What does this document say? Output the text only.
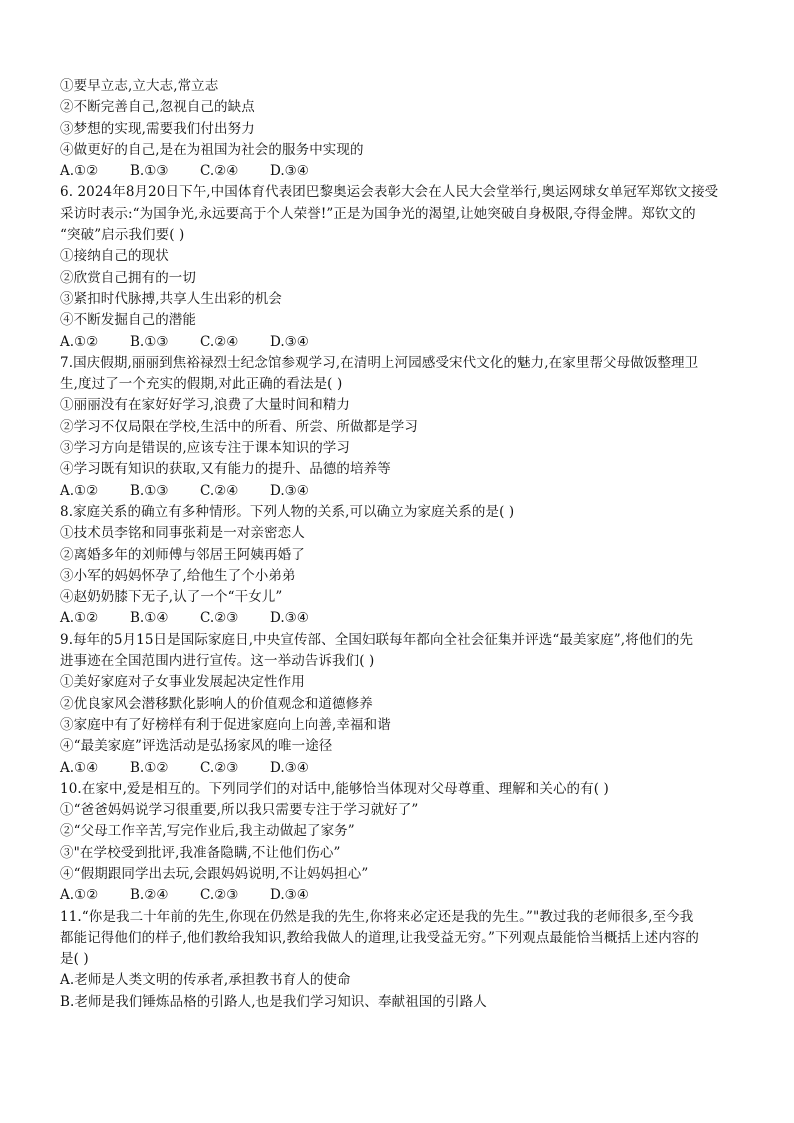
①要早立志,立大志,常立志
②不断完善自己,忽视自己的缺点
③梦想的实现,需要我们付出努力
④做更好的自己,是在为祖国为社会的服务中实现的
A.①②	B.①③	C.②④	D.③④
6. 2024年8月20日下午,中国体育代表团巴黎奥运会表彰大会在人民大会堂举行,奥运网球女单冠军郑钦文接受
采访时表示:“为国争光,永远要高于个人荣誉!”正是为国争光的渴望,让她突破自身极限,夺得金牌。郑钦文的
“突破”启示我们要( )
①接纳自己的现状
②欣赏自己拥有的一切
③紧扣时代脉搏,共享人生出彩的机会
④不断发掘自己的潜能
A.①②	B.①③	C.②④	D.③④
7.国庆假期,丽丽到焦裕禄烈士纪念馆参观学习,在清明上河园感受宋代文化的魅力,在家里帮父母做饭整理卫
生,度过了一个充实的假期,对此正确的看法是( )
①丽丽没有在家好好学习,浪费了大量时间和精力
②学习不仅局限在学校,生活中的所看、所尝、所做都是学习
③学习方向是错误的,应该专注于课本知识的学习
④学习既有知识的获取,又有能力的提升、品德的培养等
A.①②	B.①③	C.②④	D.③④
8.家庭关系的确立有多种情形。下列人物的关系,可以确立为家庭关系的是( )
①技术员李铭和同事张莉是一对亲密恋人
②离婚多年的刘师傅与邻居王阿姨再婚了
③小军的妈妈怀孕了,给他生了个小弟弟
④赵奶奶膝下无子,认了一个“干女儿”
A.①②	B.①④	C.②③	D.③④
9.每年的5月15日是国际家庭日,中央宣传部、全国妇联每年都向全社会征集并评选“最美家庭”,将他们的先
进事迹在全国范围内进行宣传。这一举动告诉我们( )
①美好家庭对子女事业发展起决定性作用
②优良家风会潜移默化影响人的价值观念和道德修养
③家庭中有了好榜样有利于促进家庭向上向善,幸福和谐
④“最美家庭”评选活动是弘扬家风的唯一途径
A.①④	B.①②	C.②③	D.③④
10.在家中,爱是相互的。下列同学们的对话中,能够恰当体现对父母尊重、理解和关心的有( )
①“爸爸妈妈说学习很重要,所以我只需要专注于学习就好了”
②“父母工作辛苦,写完作业后,我主动做起了家务”
③"在学校受到批评,我准备隐瞒,不让他们伤心”
④“假期跟同学出去玩,会跟妈妈说明,不让妈妈担心”
A.①②	B.②④	C.②③	D.③④
11.“你是我二十年前的先生,你现在仍然是我的先生,你将来必定还是我的先生。”"教过我的老师很多,至今我
都能记得他们的样子,他们教给我知识,教给我做人的道理,让我受益无穷。”下列观点最能恰当概括上述内容的
是( )
A.老师是人类文明的传承者,承担教书育人的使命
B.老师是我们锤炼品格的引路人,也是我们学习知识、奉献祖国的引路人
